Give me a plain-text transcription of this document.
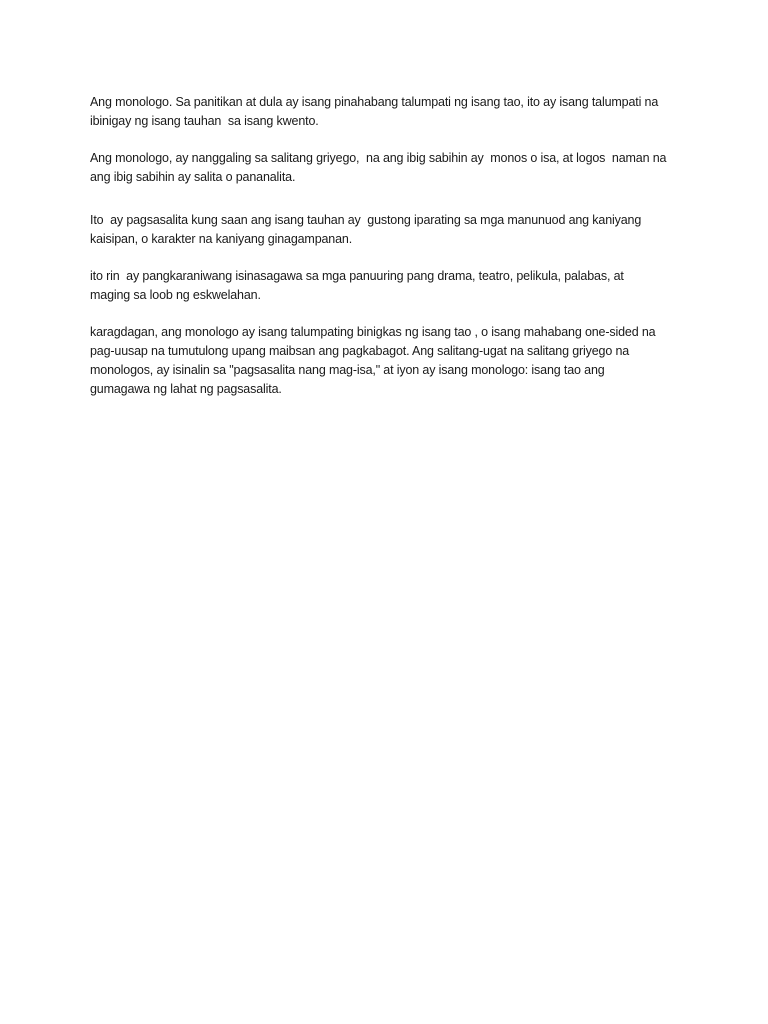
Ang monologo. Sa panitikan at dula ay isang pinahabang talumpati ng isang tao, ito ay isang talumpati na
ibinigay ng isang tauhan  sa isang kwento.

Ang monologo, ay nanggaling sa salitang griyego,  na ang ibig sabihin ay  monos o isa, at logos  naman na
ang ibig sabihin ay salita o pananalita.

Ito  ay pagsasalita kung saan ang isang tauhan ay  gustong iparating sa mga manunuod ang kaniyang
kaisipan, o karakter na kaniyang ginagampanan.

ito rin  ay pangkaraniwang isinasagawa sa mga panuuring pang drama, teatro, pelikula, palabas, at
maging sa loob ng eskwelahan.

karagdagan, ang monologo ay isang talumpating binigkas ng isang tao , o isang mahabang one-sided na
pag-uusap na tumutulong upang maibsan ang pagkabagot. Ang salitang-ugat na salitang griyego na
monologos, ay isinalin sa "pagsasalita nang mag-isa," at iyon ay isang monologo: isang tao ang
gumagawa ng lahat ng pagsasalita.
